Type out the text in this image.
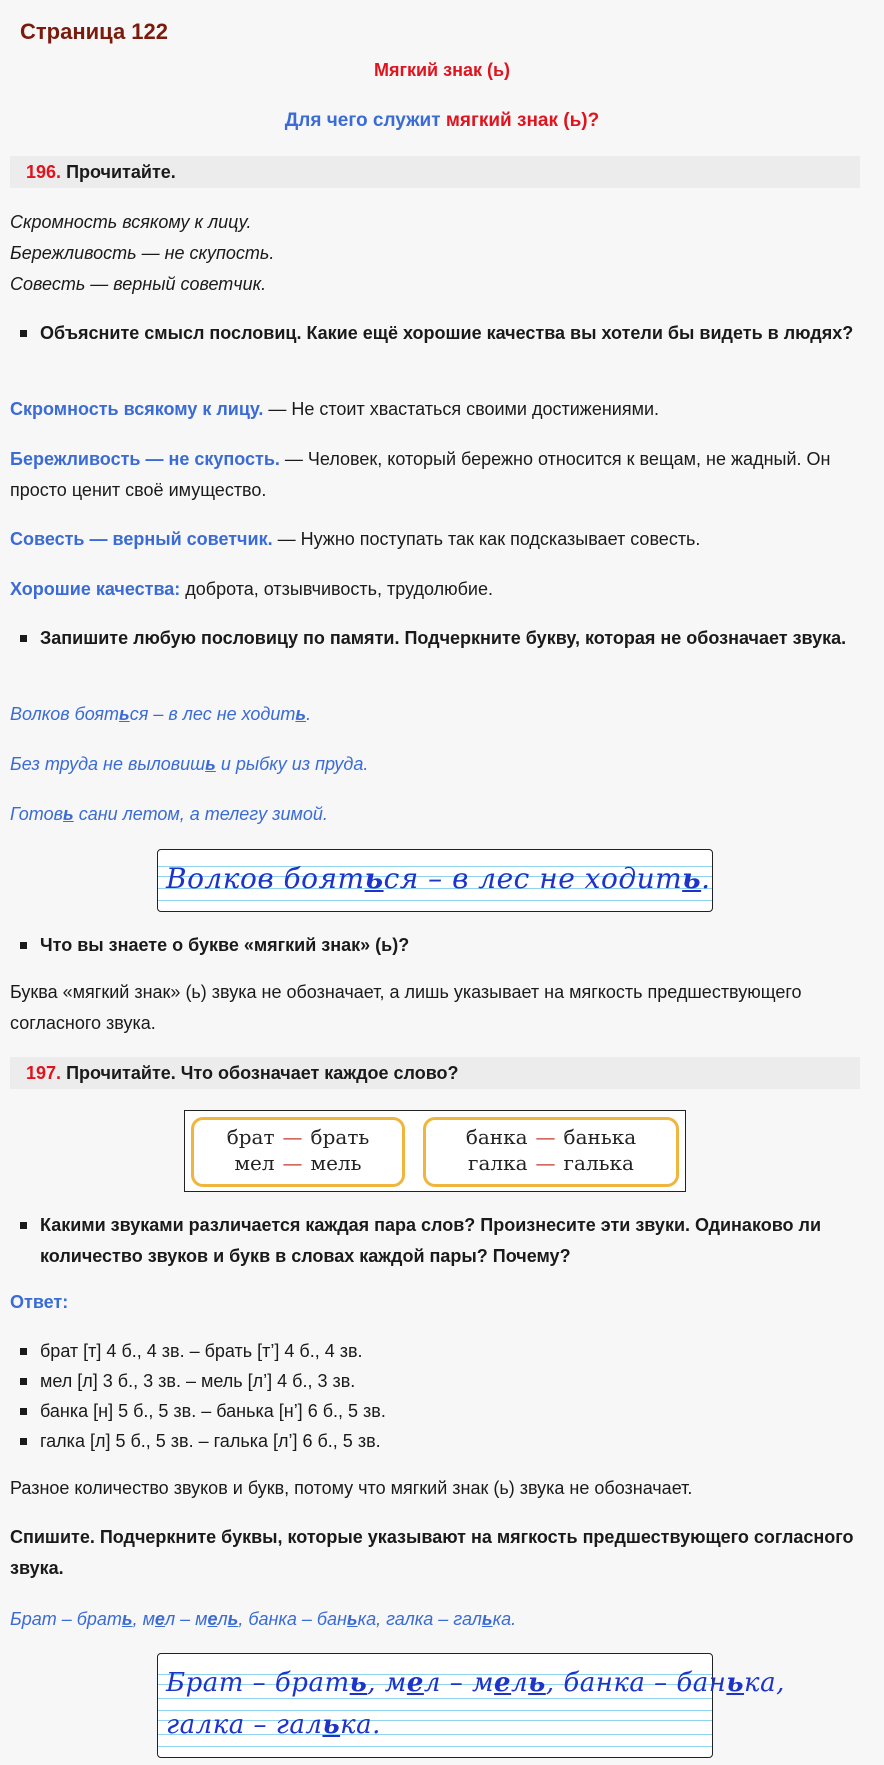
Страница 122
Мягкий знак (ь)
Для чего служит мягкий знак (ь)?
196. Прочитайте.
Скромность всякому к лицу.
Бережливость — не скупость.
Совесть — верный советчик.
Объясните смысл пословиц. Какие ещё хорошие качества вы хотели бы видеть в людях?
Скромность всякому к лицу. — Не стоит хвастаться своими достижениями.
Бережливость — не скупость. — Человек, который бережно относится к вещам, не жадный. Он просто ценит своё имущество.
Совесть — верный советчик. — Нужно поступать так как подсказывает совесть.
Хорошие качества: доброта, отзывчивость, трудолюбие.
Запишите любую пословицу по памяти. Подчеркните букву, которая не обозначает звука.
Волков бояться – в лес не ходить.
Без труда не выловишь и рыбку из пруда.
Готовь сани летом, а телегу зимой.
Волков бояться – в лес не ходить.
Что вы знаете о букве «мягкий знак» (ь)?
Буква «мягкий знак» (ь) звука не обозначает, а лишь указывает на мягкость предшествующего согласного звука.
197. Прочитайте. Что обозначает каждое слово?
брат — брать
мел — мель
банка — банька
галка — галька
Какими звуками различается каждая пара слов? Произнесите эти звуки. Одинаково ли количество звуков и букв в словах каждой пары? Почему?
Ответ:
брат [т] 4 б., 4 зв. – брать [т’] 4 б., 4 зв.
мел [л] 3 б., 3 зв. – мель [л’] 4 б., 3 зв.
банка [н] 5 б., 5 зв. – банька [н’] 6 б., 5 зв.
галка [л] 5 б., 5 зв. – галька [л’] 6 б., 5 зв.
Разное количество звуков и букв, потому что мягкий знак (ь) звука не обозначает.
Спишите. Подчеркните буквы, которые указывают на мягкость предшествующего согласного звука.
Брат – брать, мел – мель, банка – банька, галка – галька.
Брат – брать, мел – мель, банка – банька,
галка – галька.
